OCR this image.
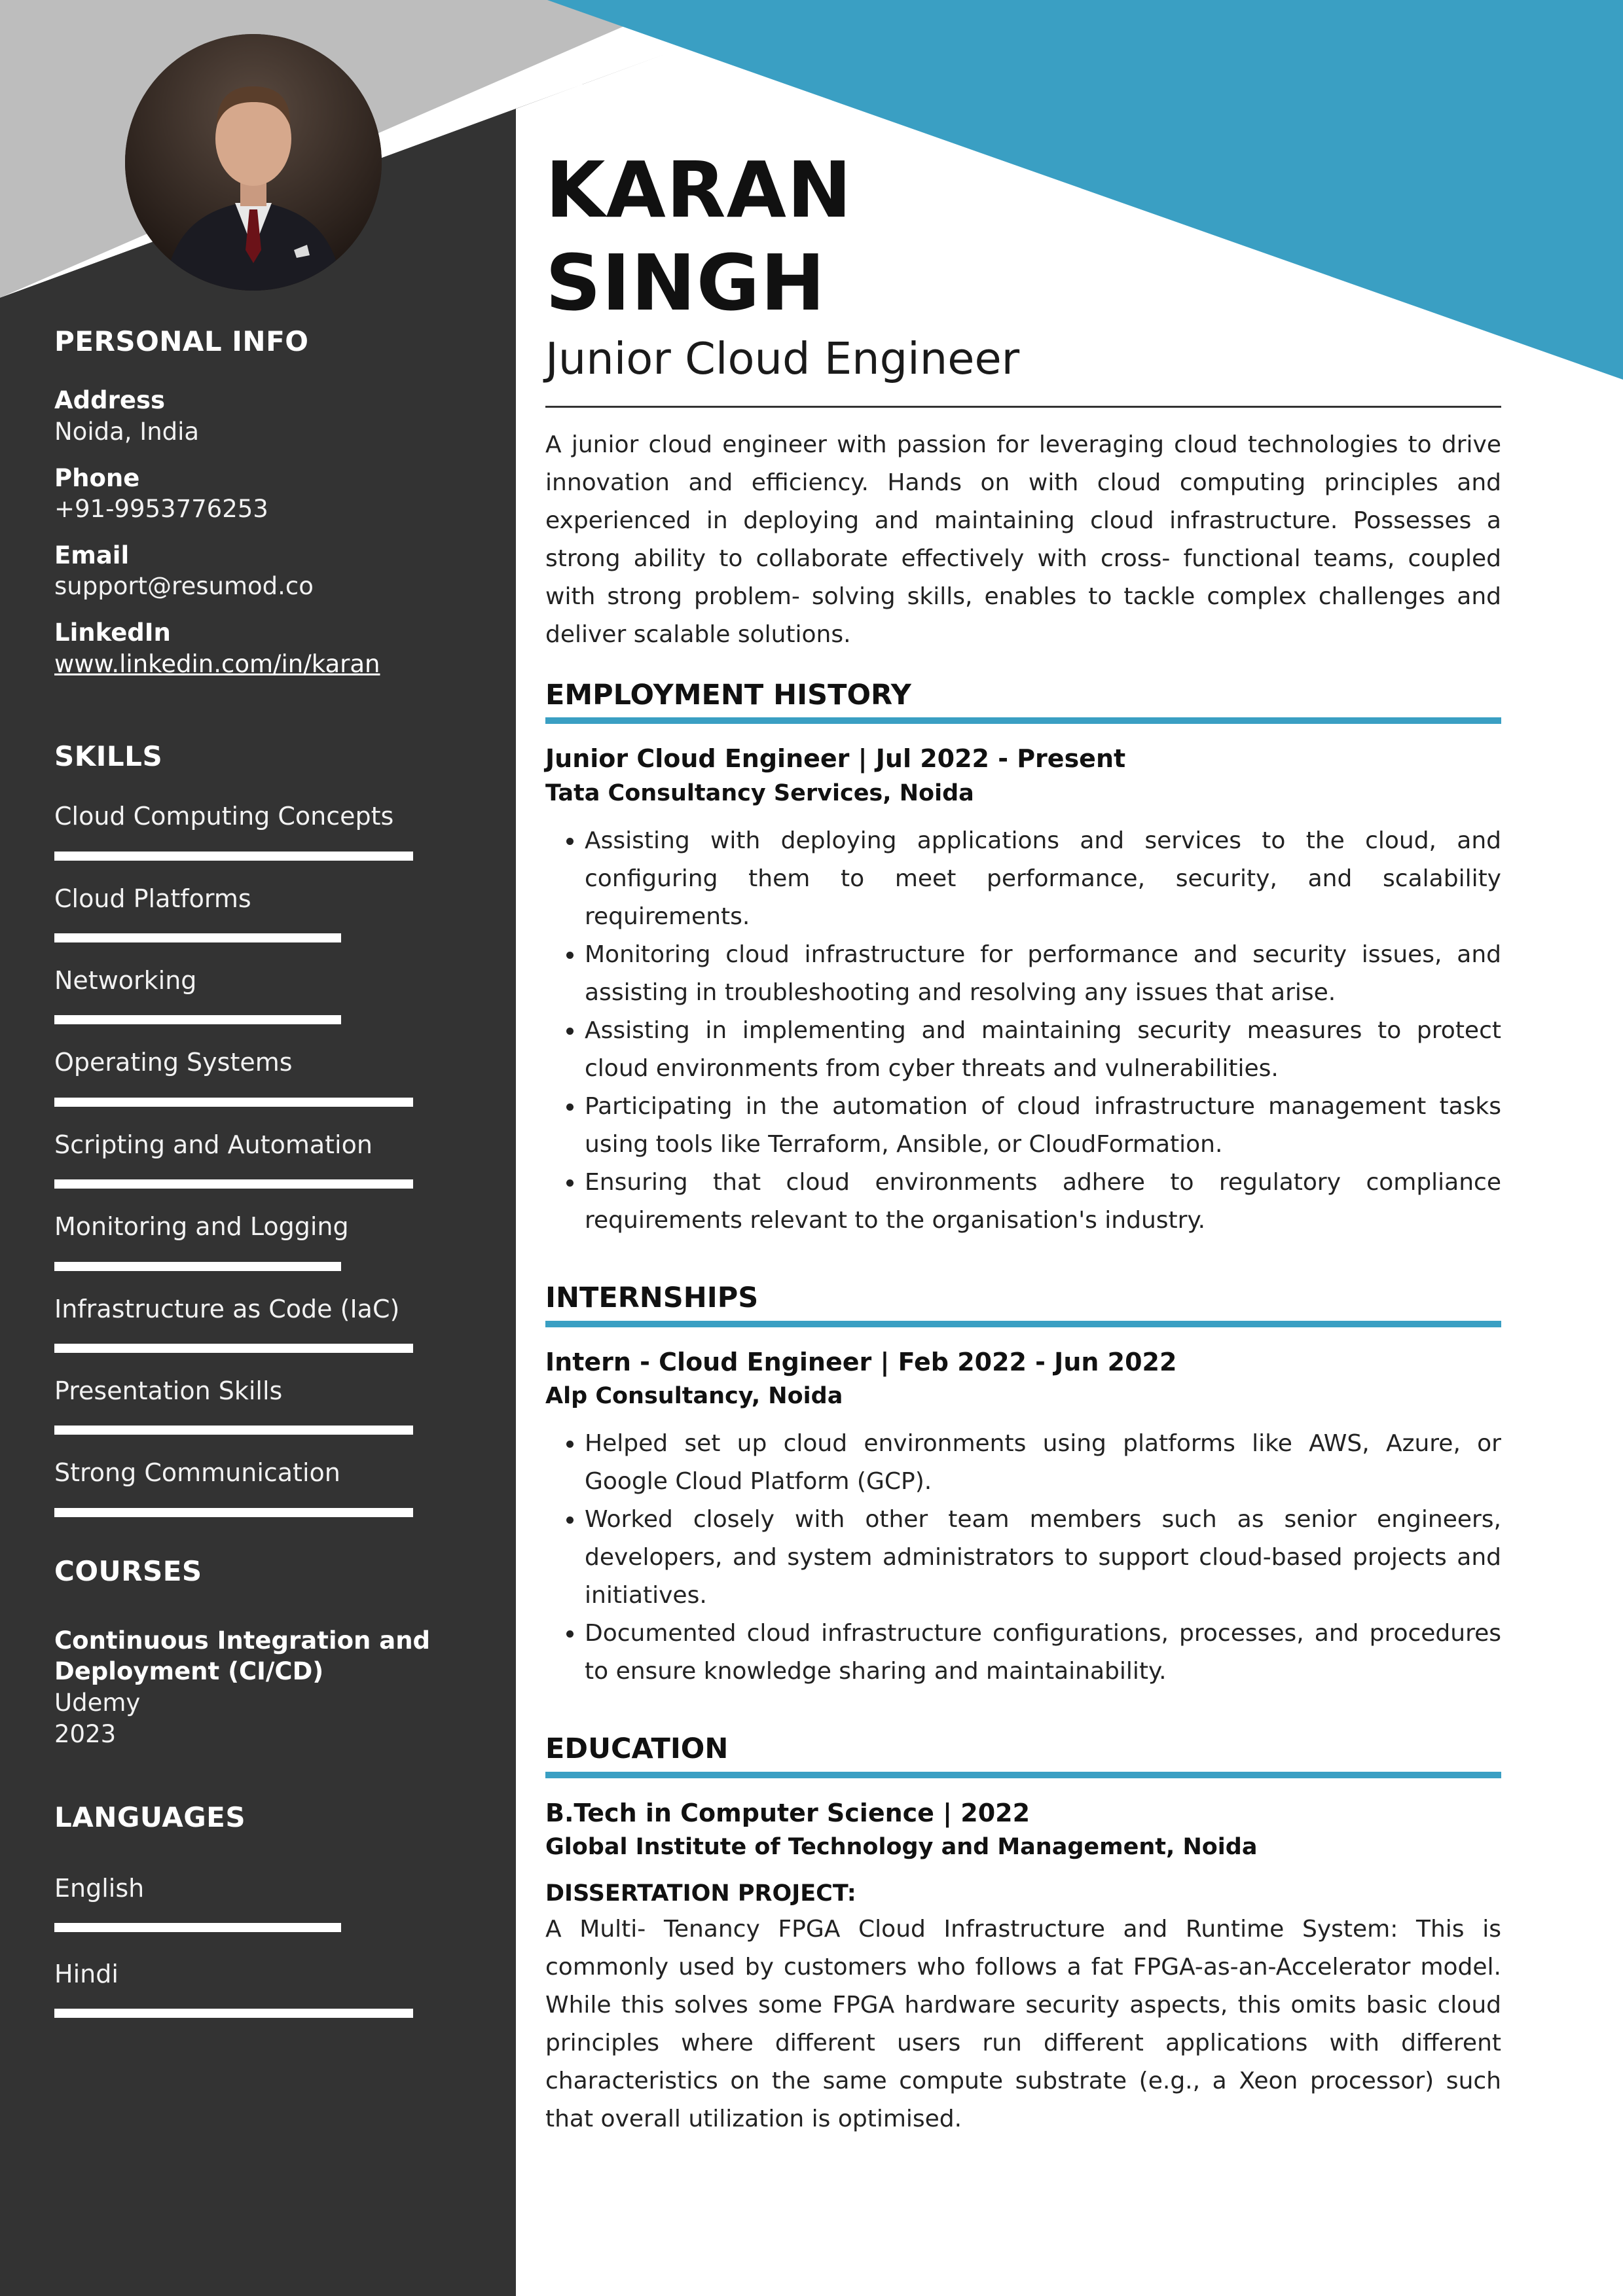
PERSONAL INFO

Address

Noida, India

Phone

+91-9953776253

Email

support@resumod.co

LinkedIn

www.linkedin.com/in/karan

SKILLS

Cloud Computing Concepts

Cloud Platforms

Networking

Operating Systems

Scripting and Automation

Monitoring and Logging

Infrastructure as Code (IaC)

Presentation Skills

Strong Communication

COURSES

Continuous Integration and

Deployment (CI/CD)

Udemy

2023

LANGUAGES

English

Hindi

KARAN
SINGH
Junior Cloud Engineer

A junior cloud engineer with passion for leveraging cloud technologies to drive innovation and efficiency. Hands on with cloud computing principles and experienced in deploying and maintaining cloud infrastructure. Possesses a strong ability to collaborate effectively with cross- functional teams, coupled with strong problem- solving skills, enables to tackle complex challenges and deliver scalable solutions.

EMPLOYMENT HISTORY

Junior Cloud Engineer | Jul 2022 - Present

Tata Consultancy Services, Noida

• Assisting with deploying applications and services to the cloud, and configuring them to meet performance, security, and scalability requirements.
• Monitoring cloud infrastructure for performance and security issues, and assisting in troubleshooting and resolving any issues that arise.
• Assisting in implementing and maintaining security measures to protect cloud environments from cyber threats and vulnerabilities.
• Participating in the automation of cloud infrastructure management tasks using tools like Terraform, Ansible, or CloudFormation.
• Ensuring that cloud environments adhere to regulatory compliance requirements relevant to the organisation's industry.
INTERNSHIPS

Intern - Cloud Engineer | Feb 2022 - Jun 2022

Alp Consultancy, Noida

• Helped set up cloud environments using platforms like AWS, Azure, or Google Cloud Platform (GCP).
• Worked closely with other team members such as senior engineers, developers, and system administrators to support cloud-based projects and initiatives.
• Documented cloud infrastructure configurations, processes, and procedures to ensure knowledge sharing and maintainability.
EDUCATION

B.Tech in Computer Science | 2022

Global Institute of Technology and Management, Noida

DISSERTATION PROJECT:

A Multi- Tenancy FPGA Cloud Infrastructure and Runtime System: This is commonly used by customers who follows a fat FPGA-as-an-Accelerator model. While this solves some FPGA hardware security aspects, this omits basic cloud principles where different users run different applications with different characteristics on the same compute substrate (e.g., a Xeon processor) such that overall utilization is optimised.
